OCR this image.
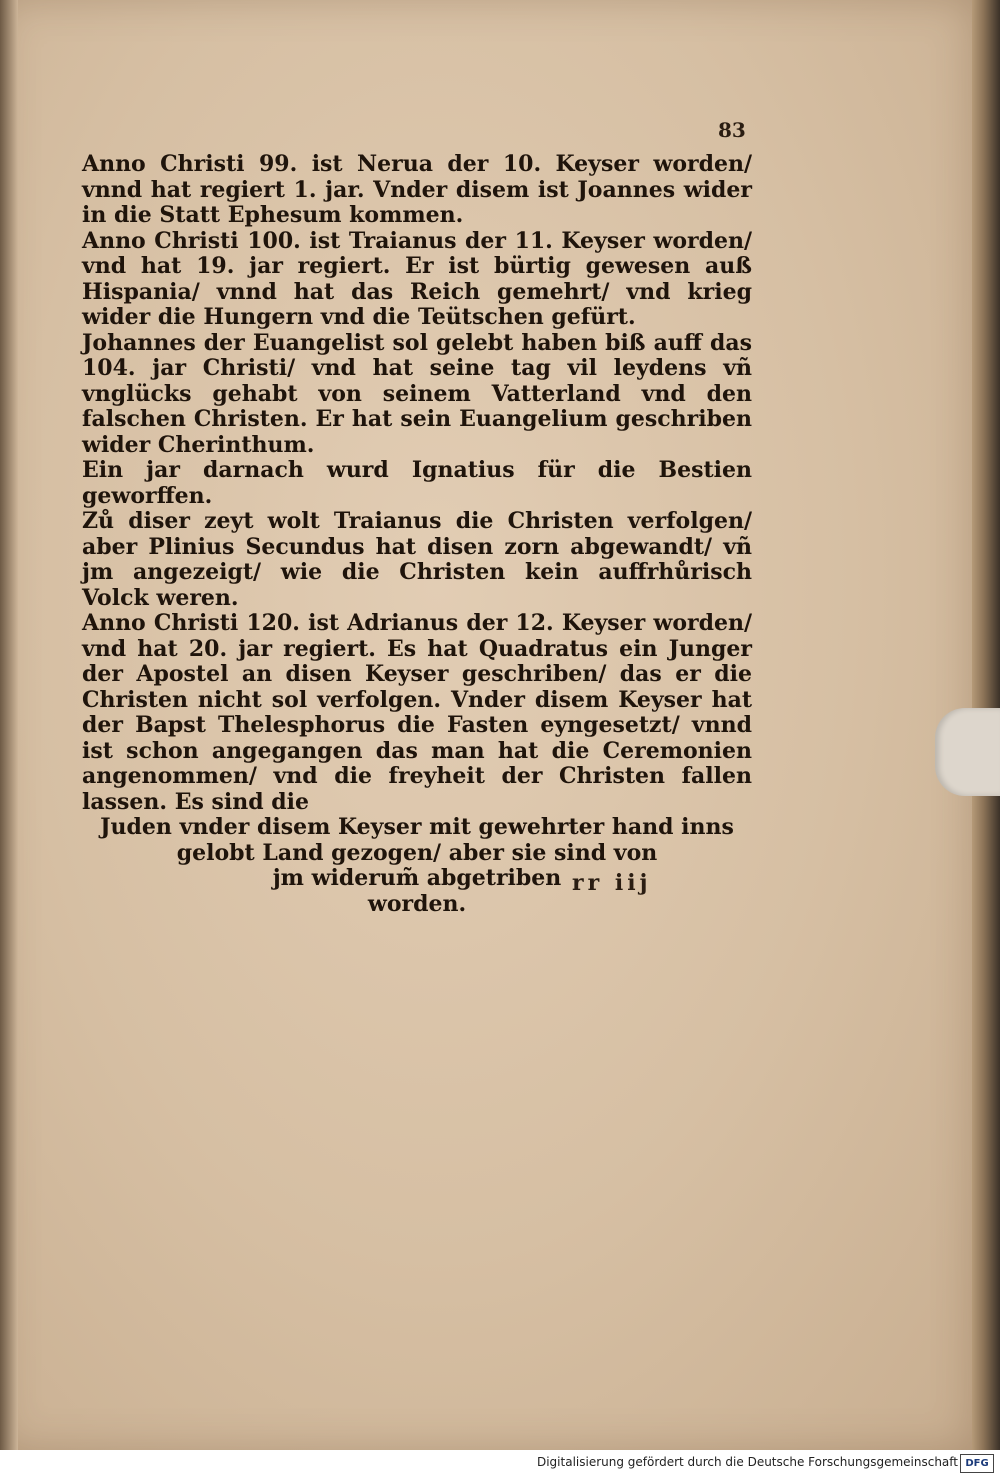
83

Anno Christi 99. ist Nerua der 10. Keyser worden/ vnnd hat regiert 1. jar. Vnder disem ist Joannes wider in die Statt Ephesum kommen.

Anno Christi 100. ist Traianus der 11. Keyser worden/ vnd hat 19. jar regiert. Er ist bürtig gewesen auß Hispania/ vnnd hat das Reich gemehrt/ vnd krieg wider die Hungern vnd die Teütschen gefürt.

Johannes der Euangelist sol gelebt haben biß auff das 104. jar Christi/ vnd hat seine tag vil leydens vñ vnglücks gehabt von seinem Vatterland vnd den falschen Christen. Er hat sein Euangelium geschriben wider Cherinthum.

Ein jar darnach wurd Ignatius für die Bestien geworffen.

Zů diser zeyt wolt Traianus die Christen verfolgen/ aber Plinius Secundus hat disen zorn abgewandt/ vñ jm angezeigt/ wie die Christen kein auffrhůrisch Volck weren.

Anno Christi 120. ist Adrianus der 12. Keyser worden/ vnd hat 20. jar regiert. Es hat Quadratus ein Junger der Apostel an disen Keyser geschriben/ das er die Christen nicht sol verfolgen. Vnder disem Keyser hat der Bapst Thelesphorus die Fasten eyngesetzt/ vnnd ist schon angegangen das man hat die Ceremonien angenommen/ vnd die freyheit der Christen fallen lassen. Es sind die

Juden vnder disem Keyser mit gewehrter hand inns

gelobt Land gezogen/ aber sie sind von

jm widerum̃ abgetriben

worden.

rr iij
Digitalisierung gefördert durch die Deutsche Forschungsgemeinschaft DFG
